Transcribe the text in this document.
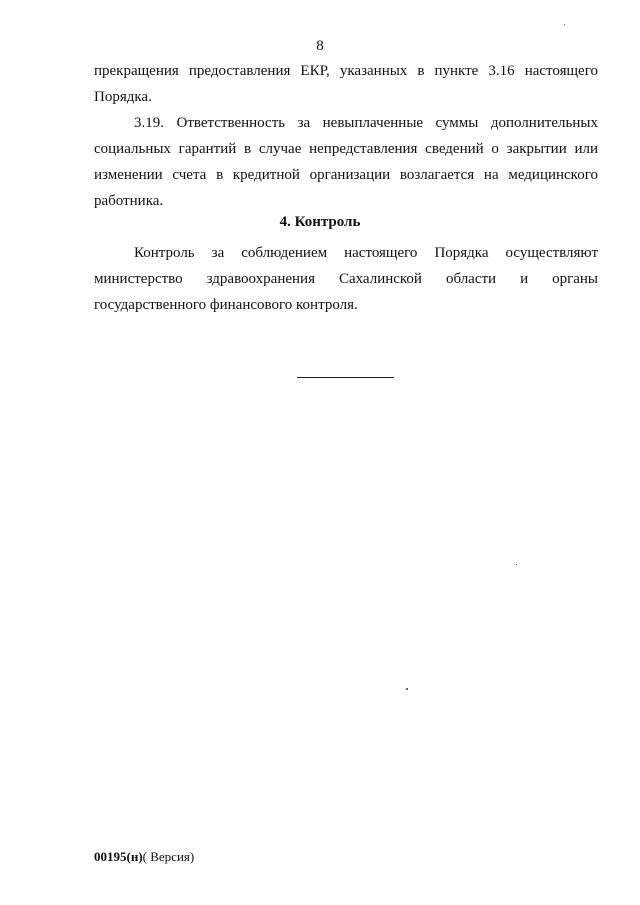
8
прекращения предоставления ЕКР, указанных в пункте 3.16 настоящего
Порядка.
3.19. Ответственность за невыплаченные суммы дополнительных
социальных гарантий в случае непредставления сведений о закрытии или
изменении счета в кредитной организации возлагается на медицинского
работника.
4. Контроль
Контроль за соблюдением настоящего Порядка осуществляют
министерство здравоохранения Сахалинской области и органы
государственного финансового контроля.
00195(н)( Версия)
